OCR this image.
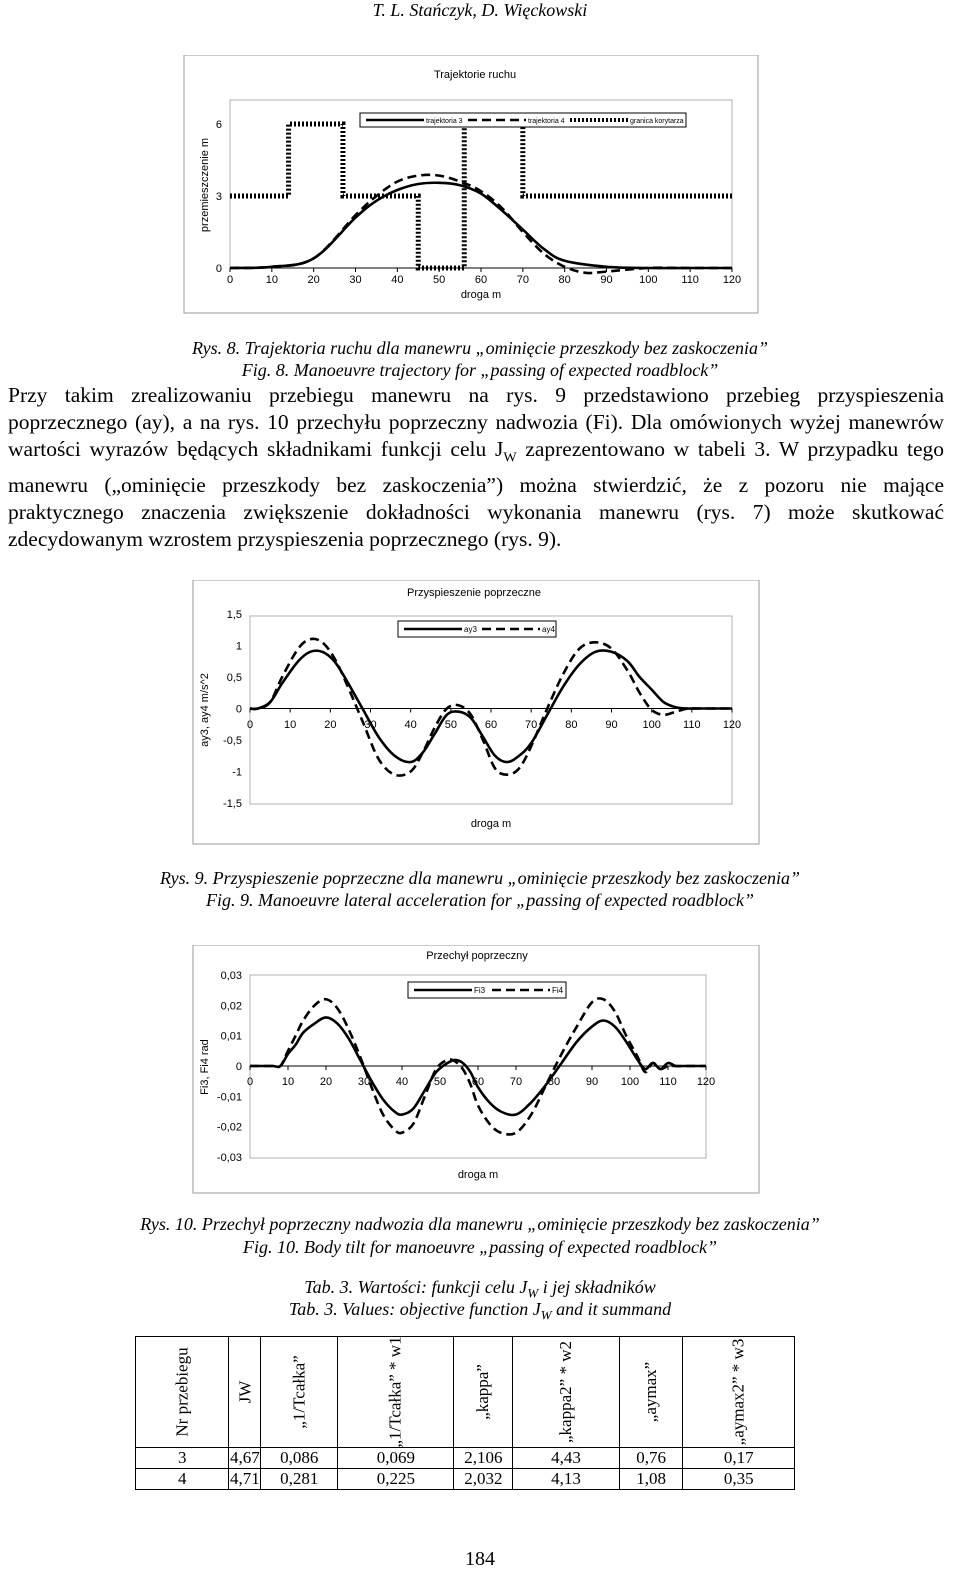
T. L. Stańczyk, D. Więckowski
Trajektorie ruchu
0	10	20	30	40	50	60	70	80	90 100 110 120
0
3
6
droga m
przemieszczenie m
trajektoria 3	trajektoria 4	granica korytarza
Rys. 8. Trajektoria ruchu dla manewru „ominięcie przeszkody bez zaskoczenia”
Fig. 8. Manoeuvre trajectory for „passing of expected roadblock”

Przy takim zrealizowaniu przebiegu manewru na rys. 9 przedstawiono przebieg przyspieszenia poprzecznego (ay), a na rys. 10 przechyłu poprzeczny nadwozia (Fi). Dla omówionych wyżej manewrów wartości wyrazów będących składnikami funkcji celu $J_W$ zaprezentowano w tabeli 3. W przypadku tego manewru („ominięcie przeszkody bez zaskoczenia”) można stwierdzić, że z pozoru nie mające praktycznego znaczenia zwiększenie dokładności wykonania manewru (rys. 7) może skutkować zdecydowanym wzrostem przyspieszenia poprzecznego (rys. 9).

Przyspieszenie poprzeczne
0	10	20	30	40	50	60	70	80	90 100 110 120
1,5
1
0,5
0
-0,5
-1
-1,5
droga m
ay3, ay4 m/s^2
ay3	ay4
Rys. 9. Przyspieszenie poprzeczne dla manewru „ominięcie przeszkody bez zaskoczenia”
Fig. 9. Manoeuvre lateral acceleration for „passing of expected roadblock”
Przechył poprzeczny
0	10 20 30 40 50 60 70 80 90 100 110 120
0,03
0,02
0,01
0
-0,01
-0,02
-0,03
droga m
Fi3, Fi4 rad
Fi3	Fi4
Rys. 10. Przechył poprzeczny nadwozia dla manewru „ominięcie przeszkody bez zaskoczenia”
Fig. 10. Body tilt for manoeuvre „passing of expected roadblock”
Tab. 3. Wartości: funkcji celu $J_W$ i jej składników
Tab. 3. Values: objective function $J_W$ and it summand
Nr przebiegu	JW	„1/Tcałka”	„1/Tcałka” * w1	„kappa”	„kappa2” * w2	„aymax”	„aymax2” * w3
3	4,67	0,086	0,069	2,106	4,43	0,76	0,17
4	4,71	0,281	0,225	2,032	4,13	1,08	0,35
184
